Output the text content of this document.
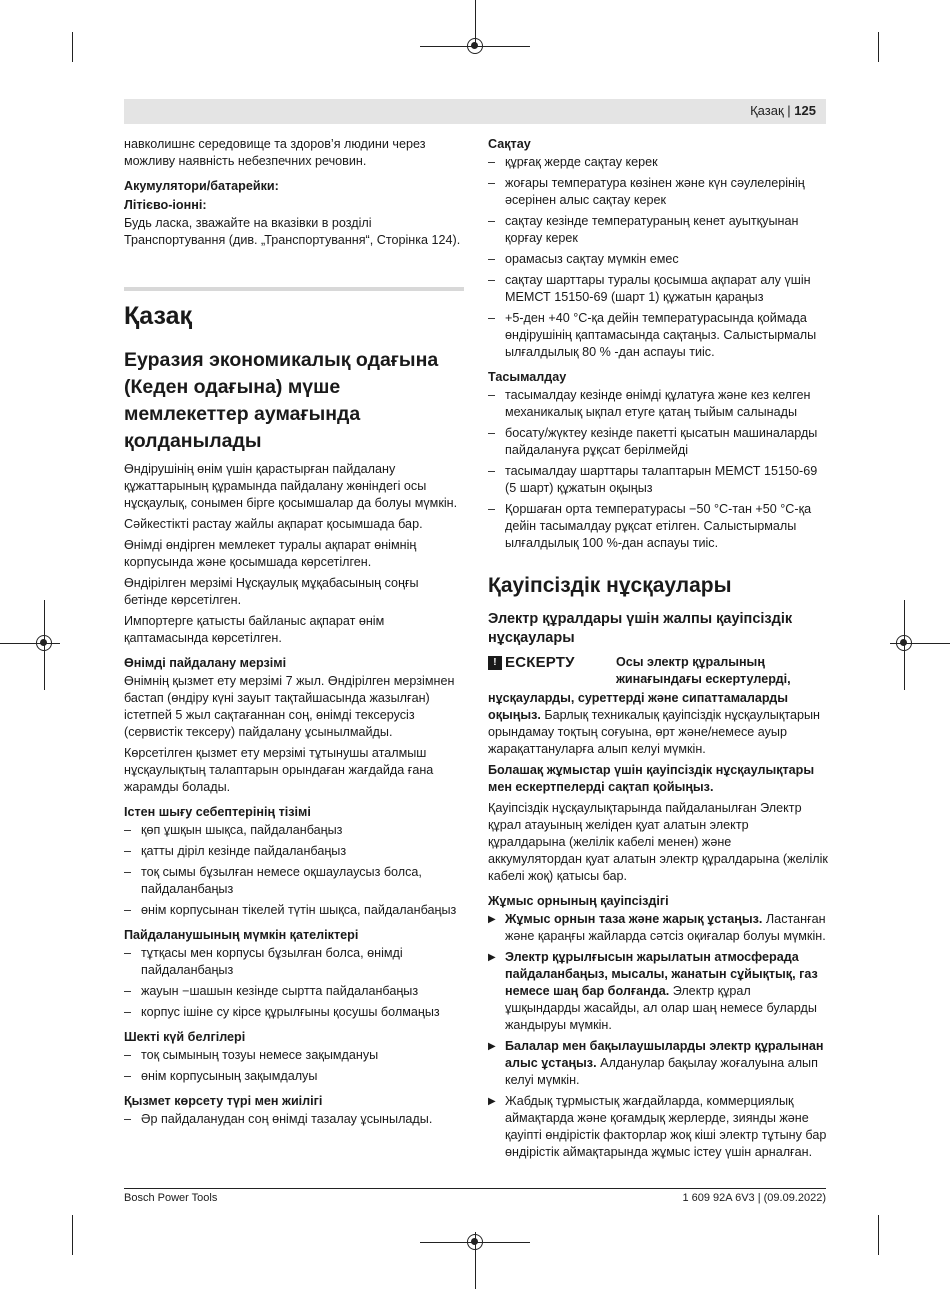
Қазақ | 125

навколишнє середовище та здоров’я людини через можливу наявність небезпечних речовин.

Акумулятори/батарейки:
Літієво-іонні:

Будь ласка, зважайте на вказівки в розділі Транспортування (див. „Транспортування“, Сторінка 124).

Қазақ
Еуразия экономикалық одағына (Кеден одағына) мүше мемлекеттер аумағында қолданылады

Өндірушінің өнім үшін қарастырған пайдалану құжаттарының құрамында пайдалану жөніндегі осы нұсқаулық, сонымен бірге қосымшалар да болуы мүмкін.

Сәйкестікті растау жайлы ақпарат қосымшада бар.

Өнімді өндірген мемлекет туралы ақпарат өнімнің корпусында және қосымшада көрсетілген.

Өндірілген мерзімі Нұсқаулық мұқабасының соңғы бетінде көрсетілген.

Импортерге қатысты байланыс ақпарат өнім қаптамасында көрсетілген.

Өнімді пайдалану мерзімі

Өнімнің қызмет ету мерзімі 7 жыл. Өндірілген мерзімнен бастап (өндіру күні зауыт тақтайшасында жазылған) істетпей 5 жыл сақтағаннан соң, өнімді тексерусіз (сервистік тексеру) пайдалану ұсынылмайды.

Көрсетілген қызмет ету мерзімі тұтынушы аталмыш нұсқаулықтың талаптарын орындаған жағдайда ғана жарамды болады.

Істен шығу себептерінің тізімі
– қөп ұшқын шықса, пайдаланбаңыз
– қатты діріл кезінде пайдаланбаңыз
– тоқ сымы бұзылған немесе оқшаулаусыз болса, пайдаланбаңыз
– өнім корпусынан тікелей түтін шықса, пайдаланбаңыз
Пайдаланушының мүмкін қателіктері
– тұтқасы мен корпусы бұзылған болса, өнімді пайдаланбаңыз
– жауын −шашын кезінде сыртта пайдаланбаңыз
– корпус ішіне су кірсе құрылғыны қосушы болмаңыз
Шекті күй белгілері
– тоқ сымының тозуы немесе зақымдануы
– өнім корпусының зақымдалуы
Қызмет көрсету түрі мен жиілігі
– Әр пайдаланудан соң өнімді тазалау ұсынылады.
Сақтау
– құрғақ жерде сақтау керек
– жоғары температура көзінен және күн сәулелерінің әсерінен алыс сақтау керек
– сақтау кезінде температураның кенет ауытқуынан қорғау керек
– орамасыз сақтау мүмкін емес
– сақтау шарттары туралы қосымша ақпарат алу үшін МЕМСТ 15150-69 (шарт 1) құжатын қараңыз
– +5-ден +40 °C-қа дейін температурасында қоймада өндірушінің қаптамасында сақтаңыз. Салыстырмалы ылғалдылық 80 % -дан аспауы тиіс.
Тасымалдау
– тасымалдау кезінде өнімді құлатуға және кез келген механикалық ықпал етуге қатаң тыйым салынады
– босату/жүктеу кезінде пакетті қысатын машиналарды пайдалануға рұқсат берілмейді
– тасымалдау шарттары талаптарын МЕМСТ 15150-69 (5 шарт) құжатын оқыңыз
– Қоршаған орта температурасы −50 °C-тан +50 °C-қа дейін тасымалдау рұқсат етілген. Салыстырмалы ылғалдылық 100 %-дан аспауы тиіс.
Қауіпсіздік нұсқаулары
Электр құралдары үшін жалпы қауіпсіздік нұсқаулары
! ЕСКЕРТУ	Осы электр құралының жинағындағы ескертулерді,

нұсқауларды, суреттерді және сипаттамаларды оқыңыз. Барлық техникалық қауіпсіздік нұсқаулықтарын орындамау тоқтың соғуына, өрт және/немесе ауыр жарақаттануларға алып келуі мүмкін.

Болашақ жұмыстар үшін қауіпсіздік нұсқаулықтары мен ескертпелерді сақтап қойыңыз.

Қауіпсіздік нұсқаулықтарында пайдаланылған Электр құрал атауының желіден қуат алатын электр құралдарына (желілік кабелі менен) және аккумулятордан қуат алатын электр құралдарына (желілік кабелі жоқ) қатысы бар.

Жұмыс орнының қауіпсіздігі
▶ Жұмыс орнын таза және жарық ұстаңыз. Ластанған және қараңғы жайларда сәтсіз оқиғалар болуы мүмкін.
▶ Электр құрылғысын жарылатын атмосферада пайдаланбаңыз, мысалы, жанатын сұйықтық, газ немесе шаң бар болғанда. Электр құрал ұшқындарды жасайды, ал олар шаң немесе буларды жандыруы мүмкін.
▶ Балалар мен бақылаушыларды электр құралынан алыс ұстаңыз. Алданулар бақылау жоғалуына алып келуі мүмкін.
▶ Жабдық тұрмыстық жағдайларда, коммерциялық аймақтарда және қоғамдық жерлерде, зиянды және қауіпті өндірістік факторлар жоқ кіші электр тұтыну бар өндірістік аймақтарында жұмыс істеу үшін арналған.
Bosch Power Tools	1 609 92A 6V3 | (09.09.2022)
